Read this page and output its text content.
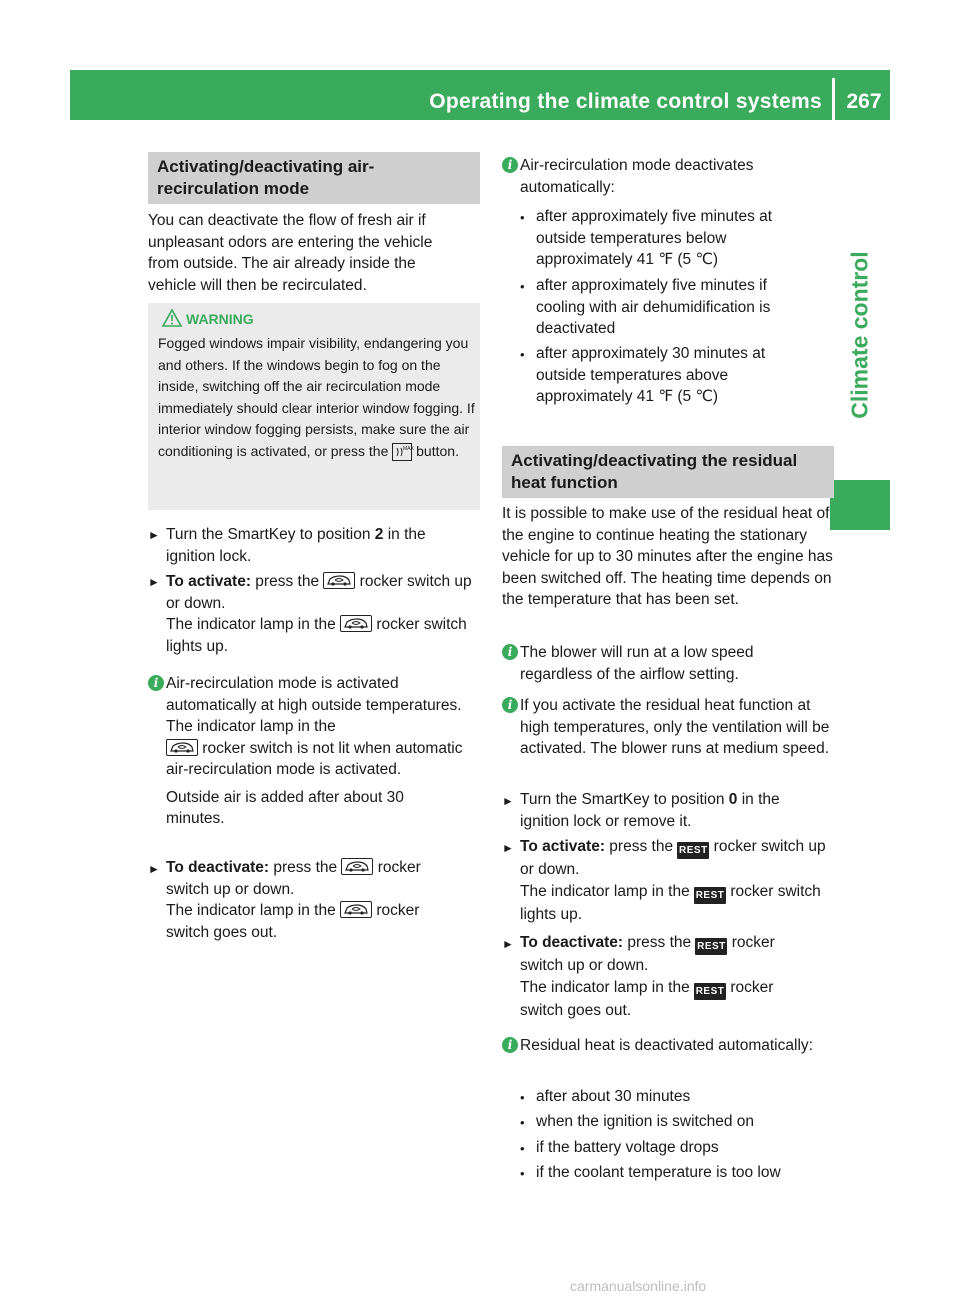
Operating the climate control systems 267
Climate control
Activating/deactivating air-
recirculation mode
You can deactivate the flow of fresh air if unpleasant odors are entering the vehicle from outside. The air already inside the vehicle will then be recirculated.
WARNING
Fogged windows impair visibility, endangering you and others. If the windows begin to fog on the inside, switching off the air recirculation mode immediately should clear interior window fogging. If interior window fogging persists, make sure the air conditioning is activated, or press the	MAX button.
► Turn the SmartKey to position 2 in the ignition lock.
► To activate: press the
rocker switch up or down.
The indicator lamp in the
rocker switch lights up.
i Air-recirculation mode is activated automatically at high outside temperatures. The indicator lamp in the

rocker switch is not lit when automatic air-recirculation mode is activated.
Outside air is added after about 30 minutes.
► To deactivate: press the
rocker switch up or down.
The indicator lamp in the
rocker switch goes out.
i Air-recirculation mode deactivates automatically:
• after approximately five minutes at outside temperatures below approximately 41 ℉ (5 ℃)
• after approximately five minutes if cooling with air dehumidification is deactivated
• after approximately 30 minutes at outside temperatures above approximately 41 ℉ (5 ℃)
Activating/deactivating the residual
heat function
It is possible to make use of the residual heat of the engine to continue heating the stationary vehicle for up to 30 minutes after the engine has been switched off. The heating time depends on the temperature that has been set.
i The blower will run at a low speed regardless of the airflow setting.
i If you activate the residual heat function at high temperatures, only the ventilation will be activated. The blower runs at medium speed.
► Turn the SmartKey to position 0 in the ignition lock or remove it.
► To activate: press the REST rocker switch up or down.
The indicator lamp in the REST rocker switch lights up.
► To deactivate: press the REST rocker switch up or down.
The indicator lamp in the REST rocker switch goes out.
i Residual heat is deactivated automatically:
• after about 30 minutes
• when the ignition is switched on
• if the battery voltage drops
• if the coolant temperature is too low
carmanualsonline.info
